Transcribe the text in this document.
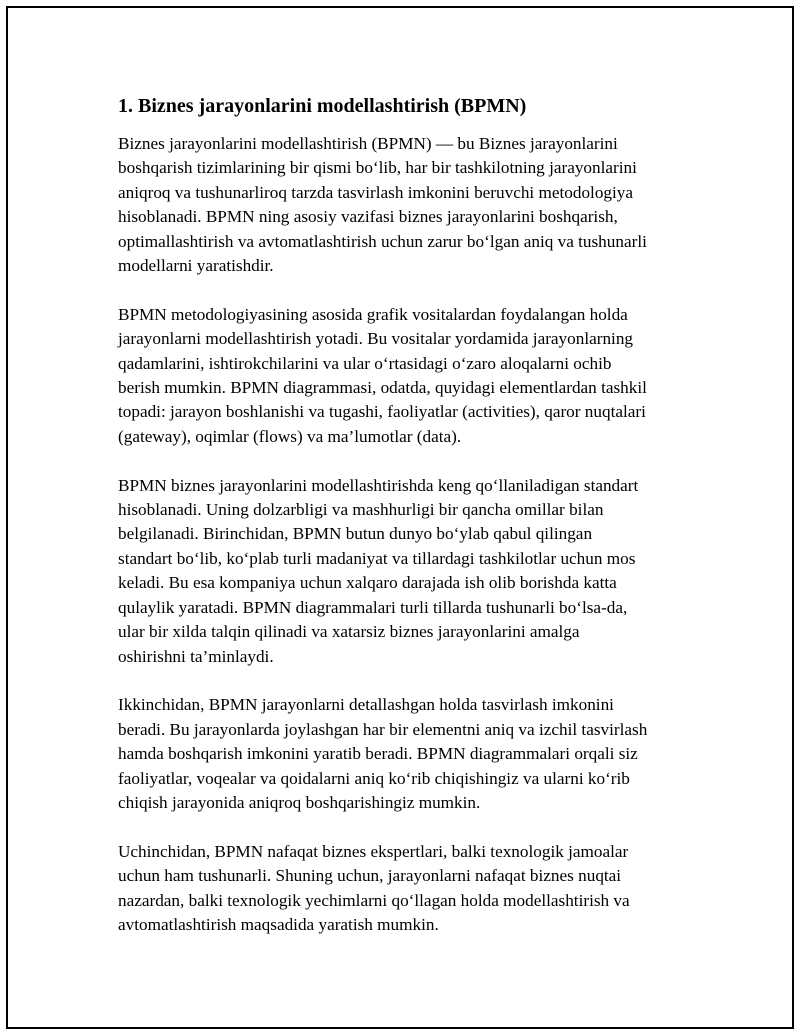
1. Biznes jarayonlarini modellashtirish (BPMN)

Biznes jarayonlarini modellashtirish (BPMN) — bu Biznes jarayonlarini
boshqarish tizimlarining bir qismi bo‘lib, har bir tashkilotning jarayonlarini
aniqroq va tushunarliroq tarzda tasvirlash imkonini beruvchi metodologiya
hisoblanadi. BPMN ning asosiy vazifasi biznes jarayonlarini boshqarish,
optimallashtirish va avtomatlashtirish uchun zarur bo‘lgan aniq va tushunarli
modellarni yaratishdir.

BPMN metodologiyasining asosida grafik vositalardan foydalangan holda
jarayonlarni modellashtirish yotadi. Bu vositalar yordamida jarayonlarning
qadamlarini, ishtirokchilarini va ular o‘rtasidagi o‘zaro aloqalarni ochib
berish mumkin. BPMN diagrammasi, odatda, quyidagi elementlardan tashkil
topadi: jarayon boshlanishi va tugashi, faoliyatlar (activities), qaror nuqtalari
(gateway), oqimlar (flows) va ma’lumotlar (data).

BPMN biznes jarayonlarini modellashtirishda keng qo‘llaniladigan standart
hisoblanadi. Uning dolzarbligi va mashhurligi bir qancha omillar bilan
belgilanadi. Birinchidan, BPMN butun dunyo bo‘ylab qabul qilingan
standart bo‘lib, ko‘plab turli madaniyat va tillardagi tashkilotlar uchun mos
keladi. Bu esa kompaniya uchun xalqaro darajada ish olib borishda katta
qulaylik yaratadi. BPMN diagrammalari turli tillarda tushunarli bo‘lsa-da,
ular bir xilda talqin qilinadi va xatarsiz biznes jarayonlarini amalga
oshirishni ta’minlaydi.

Ikkinchidan, BPMN jarayonlarni detallashgan holda tasvirlash imkonini
beradi. Bu jarayonlarda joylashgan har bir elementni aniq va izchil tasvirlash
hamda boshqarish imkonini yaratib beradi. BPMN diagrammalari orqali siz
faoliyatlar, voqealar va qoidalarni aniq ko‘rib chiqishingiz va ularni ko‘rib
chiqish jarayonida aniqroq boshqarishingiz mumkin.

Uchinchidan, BPMN nafaqat biznes ekspertlari, balki texnologik jamoalar
uchun ham tushunarli. Shuning uchun, jarayonlarni nafaqat biznes nuqtai
nazardan, balki texnologik yechimlarni qo‘llagan holda modellashtirish va
avtomatlashtirish maqsadida yaratish mumkin.
